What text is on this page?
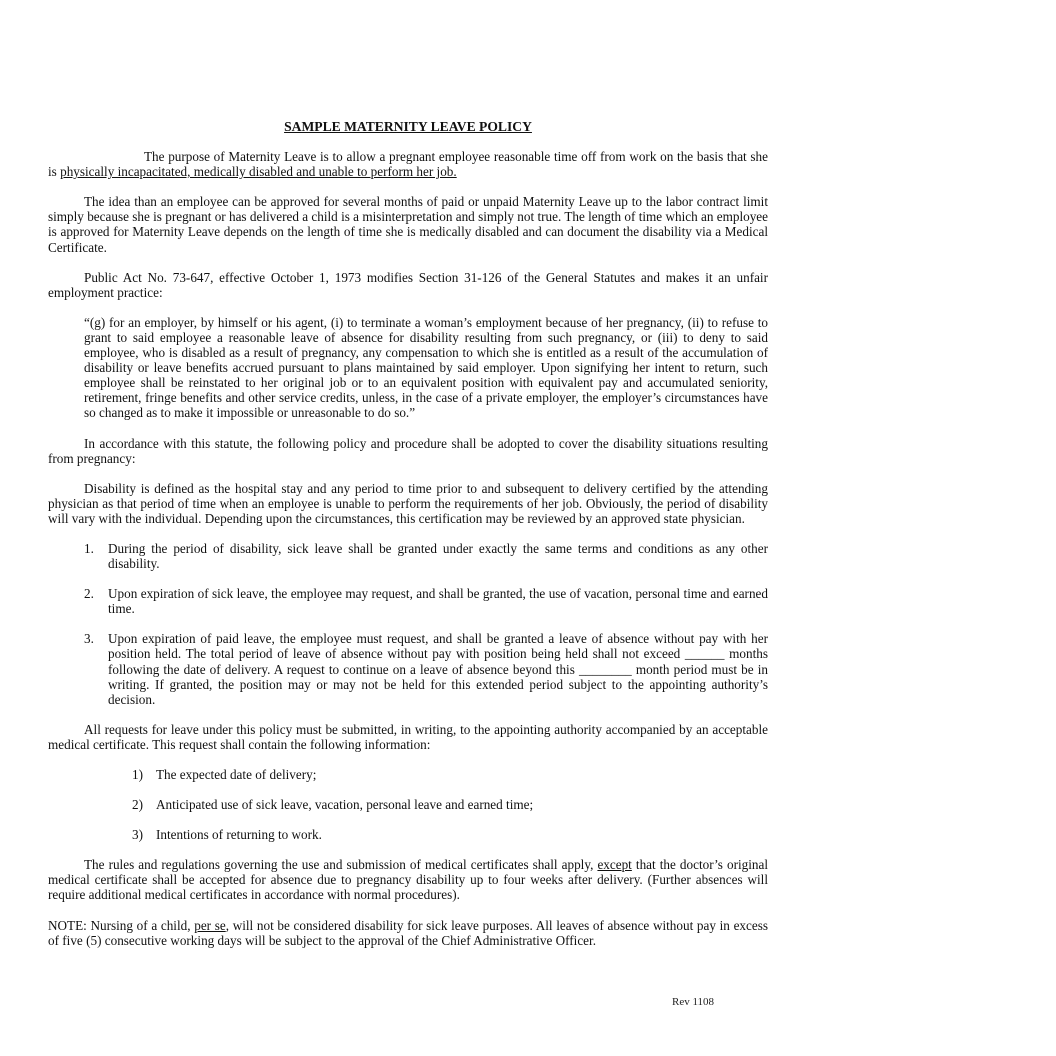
SAMPLE MATERNITY LEAVE POLICY

The purpose of Maternity Leave is to allow a pregnant employee reasonable time off from work on the basis that she is physically incapacitated, medically disabled and unable to perform her job.

The idea than an employee can be approved for several months of paid or unpaid Maternity Leave up to the labor contract limit simply because she is pregnant or has delivered a child is a misinterpretation and simply not true. The length of time which an employee is approved for Maternity Leave depends on the length of time she is medically disabled and can document the disability via a Medical Certificate.

Public Act No. 73-647, effective October 1, 1973 modifies Section 31-126 of the General Statutes and makes it an unfair employment practice:

“(g) for an employer, by himself or his agent, (i) to terminate a woman’s employment because of her pregnancy, (ii) to refuse to grant to said employee a reasonable leave of absence for disability resulting from such pregnancy, or (iii) to deny to said employee, who is disabled as a result of pregnancy, any compensation to which she is entitled as a result of the accumulation of disability or leave benefits accrued pursuant to plans maintained by said employer. Upon signifying her intent to return, such employee shall be reinstated to her original job or to an equivalent position with equivalent pay and accumulated seniority, retirement, fringe benefits and other service credits, unless, in the case of a private employer, the employer’s circumstances have so changed as to make it impossible or unreasonable to do so.”

In accordance with this statute, the following policy and procedure shall be adopted to cover the disability situations resulting from pregnancy:

Disability is defined as the hospital stay and any period to time prior to and subsequent to delivery certified by the attending physician as that period of time when an employee is unable to perform the requirements of her job. Obviously, the period of disability will vary with the individual. Depending upon the circumstances, this certification may be reviewed by an approved state physician.

1. During the period of disability, sick leave shall be granted under exactly the same terms and conditions as any other disability.
2. Upon expiration of sick leave, the employee may request, and shall be granted, the use of vacation, personal time and earned time.
3. Upon expiration of paid leave, the employee must request, and shall be granted a leave of absence without pay with her position held. The total period of leave of absence without pay with position being held shall not exceed ______ months following the date of delivery. A request to continue on a leave of absence beyond this ________ month period must be in writing. If granted, the position may or may not be held for this extended period subject to the appointing authority’s decision.

All requests for leave under this policy must be submitted, in writing, to the appointing authority accompanied by an acceptable medical certificate. This request shall contain the following information:

1) The expected date of delivery;
2) Anticipated use of sick leave, vacation, personal leave and earned time;
3) Intentions of returning to work.

The rules and regulations governing the use and submission of medical certificates shall apply, except that the doctor’s original medical certificate shall be accepted for absence due to pregnancy disability up to four weeks after delivery. (Further absences will require additional medical certificates in accordance with normal procedures).

NOTE: Nursing of a child, per se, will not be considered disability for sick leave purposes. All leaves of absence without pay in excess of five (5) consecutive working days will be subject to the approval of the Chief Administrative Officer.

Rev 1108
